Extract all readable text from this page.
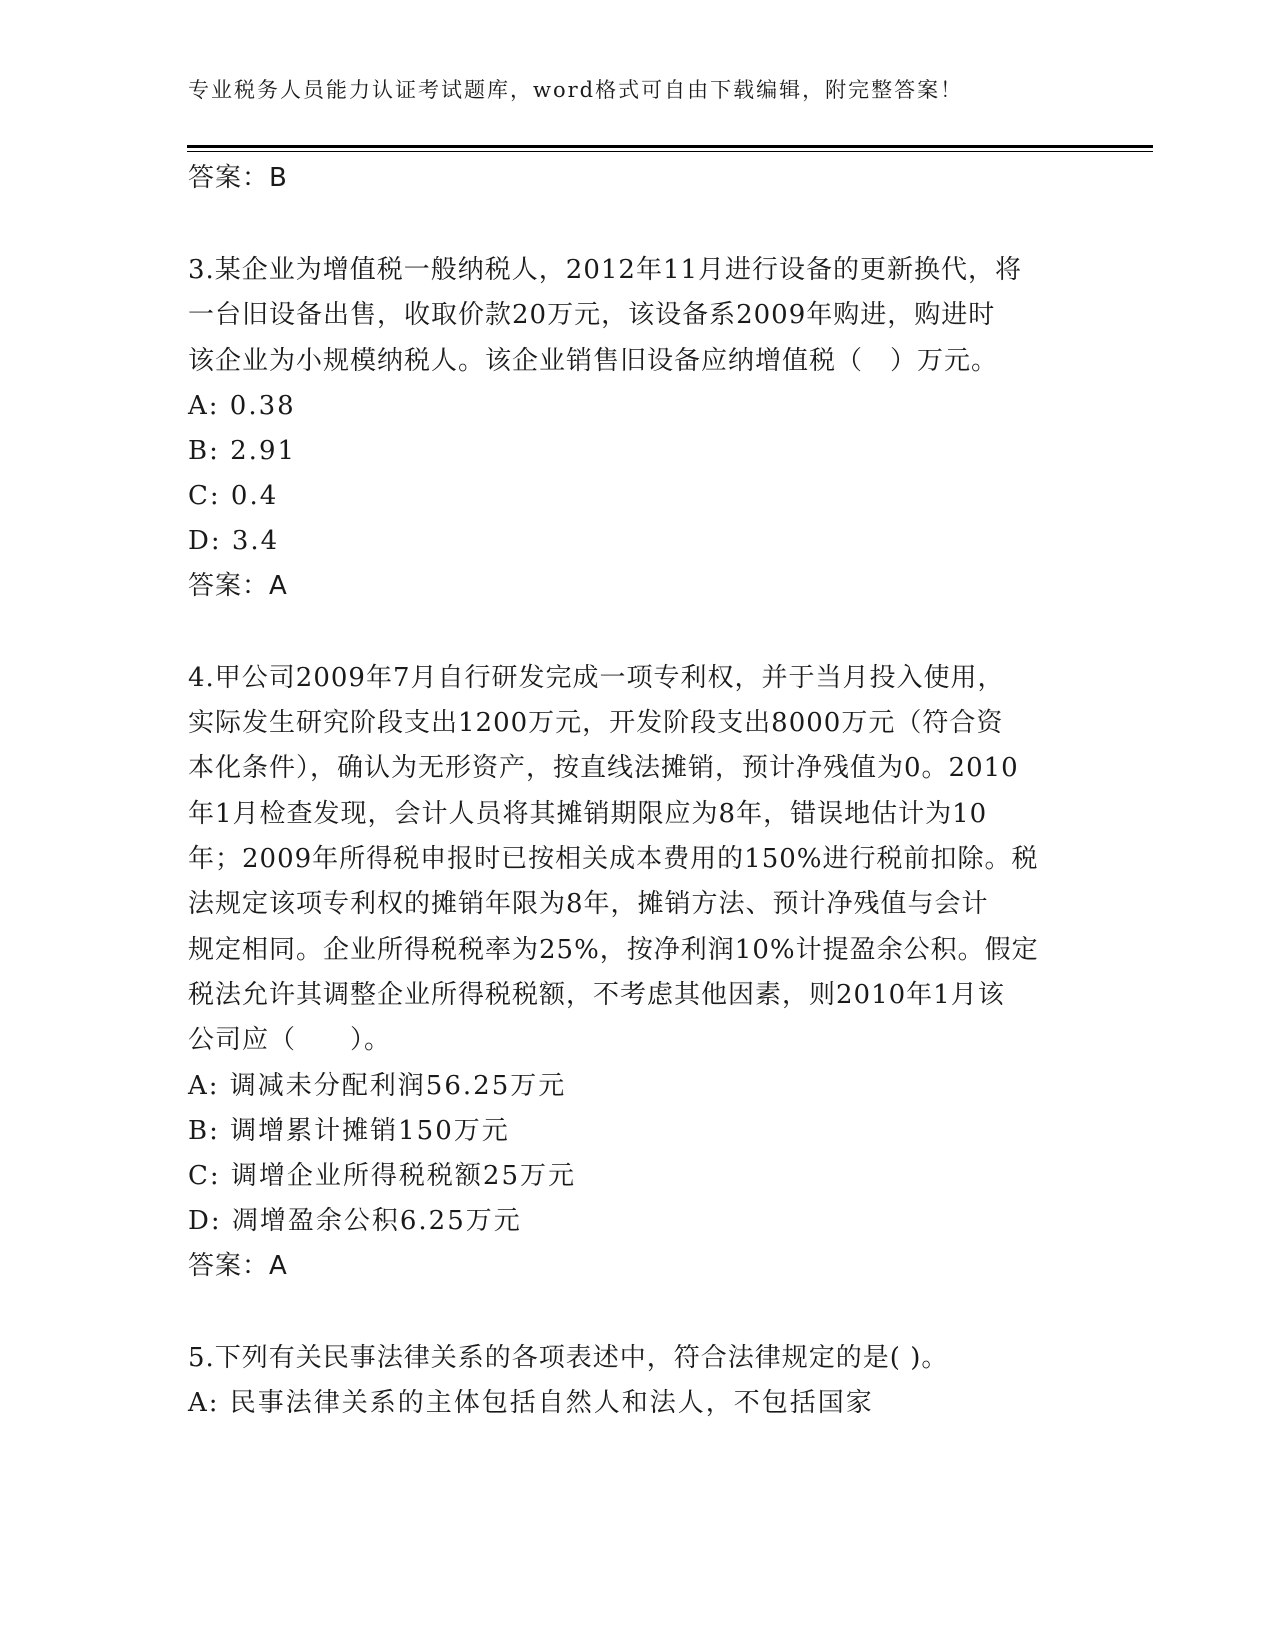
专业税务人员能力认证考试题库，word格式可自由下载编辑，附完整答案！
答案：B
3.某企业为增值税一般纳税人，2012年11月进行设备的更新换代，将
一台旧设备出售，收取价款20万元，该设备系2009年购进，购进时
该企业为小规模纳税人。该企业销售旧设备应纳增值税（　）万元。
A: 0.38
B: 2.91
C: 0.4
D: 3.4
答案：A
4.甲公司2009年7月自行研发完成一项专利权，并于当月投入使用，
实际发生研究阶段支出1200万元，开发阶段支出8000万元（符合资
本化条件），确认为无形资产，按直线法摊销，预计净残值为0。2010
年1月检查发现，会计人员将其摊销期限应为8年，错误地估计为10
年；2009年所得税申报时已按相关成本费用的150%进行税前扣除。税
法规定该项专利权的摊销年限为8年，摊销方法、预计净残值与会计
规定相同。企业所得税税率为25%，按净利润10%计提盈余公积。假定
税法允许其调整企业所得税税额，不考虑其他因素，则2010年1月该
公司应（　　）。
A: 调减未分配利润56.25万元
B: 调增累计摊销150万元
C: 调增企业所得税税额25万元
D: 凋增盈余公积6.25万元
答案：A
5.下列有关民事法律关系的各项表述中，符合法律规定的是( )。
A: 民事法律关系的主体包括自然人和法人，不包括国家
